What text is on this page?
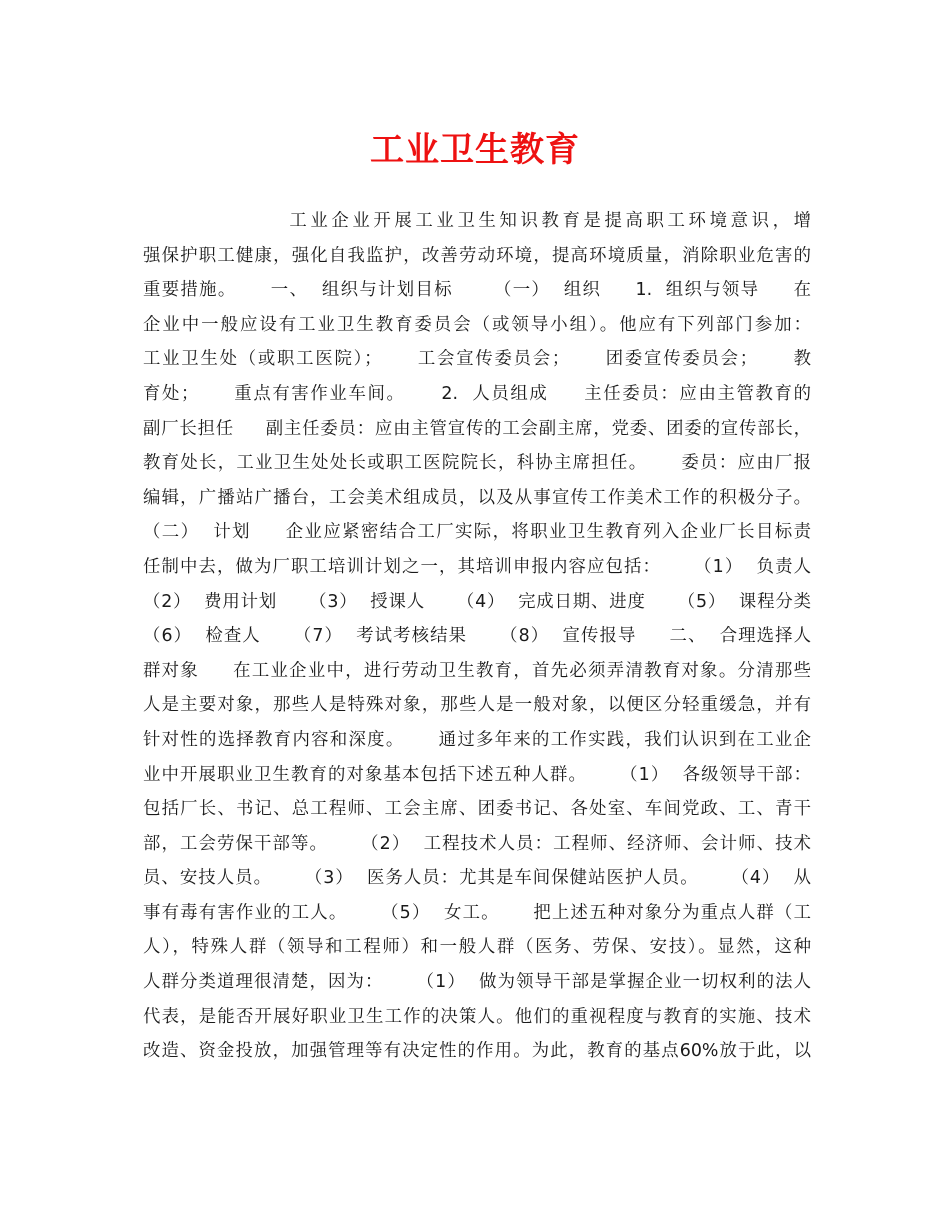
工业卫生教育

工业企业开展工业卫生知识教育是提高职工环境意识，增

强保护职工健康，强化自我监护，改善劳动环境，提高环境质量，消除职业危害的

重要措施。     一、  组织与计划目标      （一）  组织     1.  组织与领导     在

企业中一般应设有工业卫生教育委员会（或领导小组）。他应有下列部门参加：

工业卫生处（或职工医院）；     工会宣传委员会；     团委宣传委员会；     教

育处；     重点有害作业车间。     2.  人员组成     主任委员：应由主管教育的

副厂长担任     副主任委员：应由主管宣传的工会副主席，党委、团委的宣传部长，

教育处长，工业卫生处处长或职工医院院长，科协主席担任。     委员：应由厂报

编辑，广播站广播台，工会美术组成员，以及从事宣传工作美术工作的积极分子。

（二）  计划     企业应紧密结合工厂实际，将职业卫生教育列入企业厂长目标责

任制中去，做为厂职工培训计划之一，其培训申报内容应包括：     （1）  负责人

（2）  费用计划     （3）  授课人     （4）  完成日期、进度     （5）  课程分类

（6）  检查人     （7）  考试考核结果     （8）  宣传报导     二、  合理选择人

群对象     在工业企业中，进行劳动卫生教育，首先必须弄清教育对象。分清那些

人是主要对象，那些人是特殊对象，那些人是一般对象，以便区分轻重缓急，并有

针对性的选择教育内容和深度。     通过多年来的工作实践，我们认识到在工业企

业中开展职业卫生教育的对象基本包括下述五种人群。     （1）  各级领导干部：

包括厂长、书记、总工程师、工会主席、团委书记、各处室、车间党政、工、青干

部，工会劳保干部等。     （2）  工程技术人员：工程师、经济师、会计师、技术

员、安技人员。     （3）  医务人员：尤其是车间保健站医护人员。     （4）  从

事有毒有害作业的工人。     （5）  女工。     把上述五种对象分为重点人群（工

人），特殊人群（领导和工程师）和一般人群（医务、劳保、安技）。显然，这种

人群分类道理很清楚，因为：     （1）  做为领导干部是掌握企业一切权利的法人

代表，是能否开展好职业卫生工作的决策人。他们的重视程度与教育的实施、技术

改造、资金投放，加强管理等有决定性的作用。为此，教育的基点60%放于此，以
